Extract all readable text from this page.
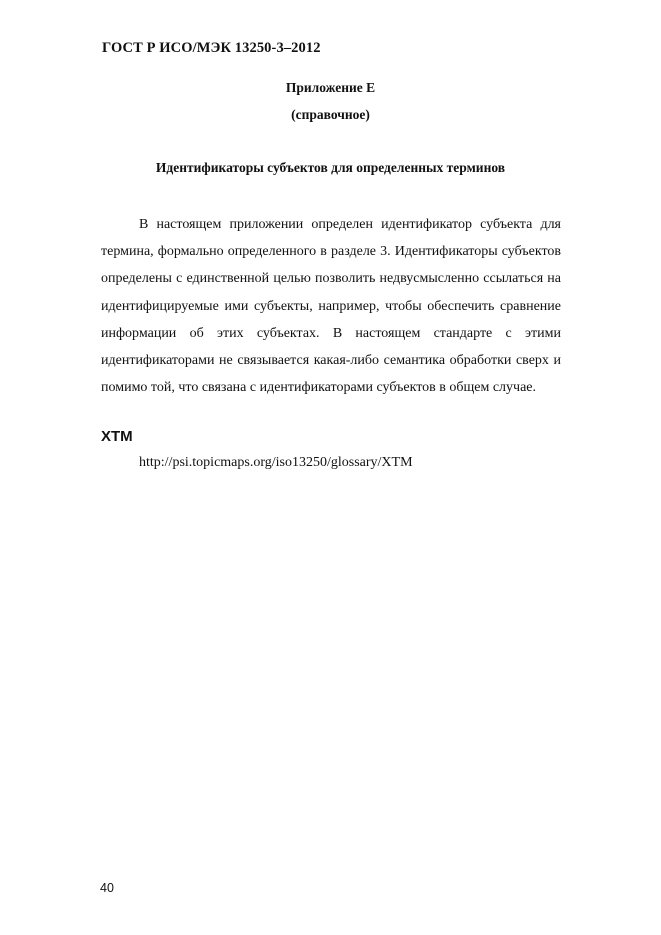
ГОСТ Р ИСО/МЭК 13250-3–2012
Приложение Е
(справочное)
Идентификаторы субъектов для определенных терминов

В настоящем приложении определен идентификатор субъекта для термина, формально определенного в разделе 3. Идентификаторы субъектов определены с единственной целью позволить недвусмысленно ссылаться на идентифицируемые ими субъекты, например, чтобы обеспечить сравнение информации об этих субъектах. В настоящем стандарте с этими идентификаторами не связывается какая-либо семантика обработки сверх и помимо той, что связана с идентификаторами субъектов в общем случае.

XTM
http://psi.topicmaps.org/iso13250/glossary/XTM
40
